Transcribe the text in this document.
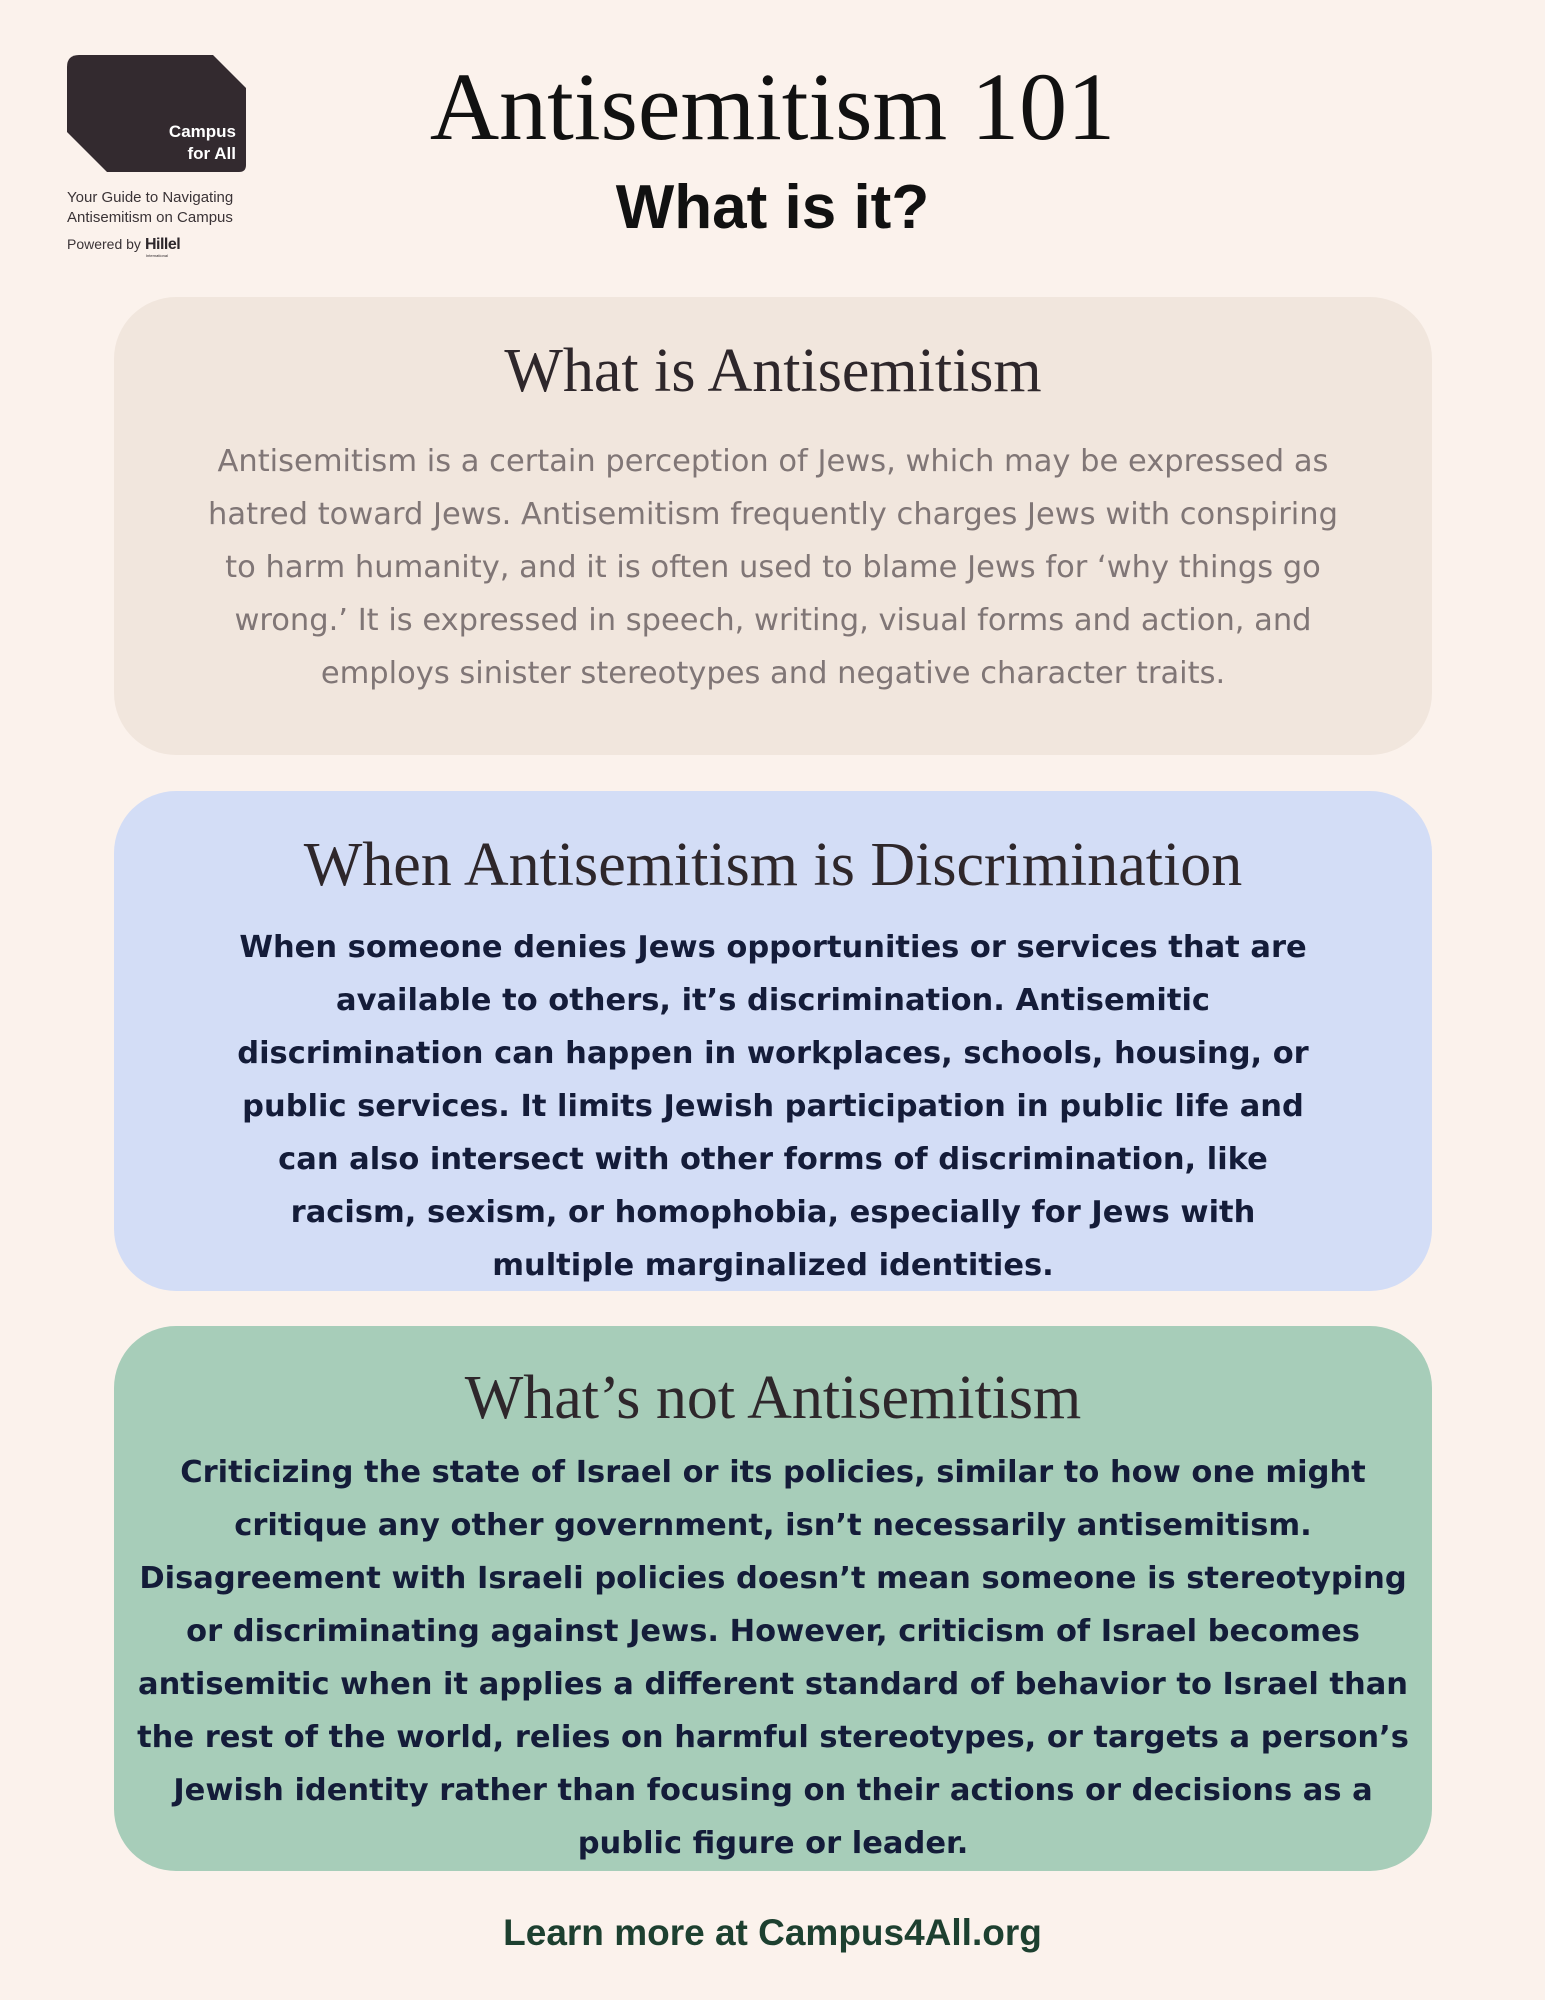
Campus
for All
Your Guide to Navigating
Antisemitism on Campus
Powered by Hillel
International
Antisemitism 101
What is it?
What is Antisemitism

Antisemitism is a certain perception of Jews, which may be expressed as hatred toward Jews. Antisemitism frequently charges Jews with conspiring to harm humanity, and it is often used to blame Jews for ‘why things go wrong.’ It is expressed in speech, writing, visual forms and action, and employs sinister stereotypes and negative character traits.

When Antisemitism is Discrimination

When someone denies Jews opportunities or services that are available to others, it’s discrimination. Antisemitic discrimination can happen in workplaces, schools, housing, or public services. It limits Jewish participation in public life and can also intersect with other forms of discrimination, like racism, sexism, or homophobia, especially for Jews with multiple marginalized identities.

What’s not Antisemitism

Criticizing the state of Israel or its policies, similar to how one might critique any other government, isn’t necessarily antisemitism. Disagreement with Israeli policies doesn’t mean someone is stereotyping or discriminating against Jews. However, criticism of Israel becomes antisemitic when it applies a different standard of behavior to Israel than the rest of the world, relies on harmful stereotypes, or targets a person’s Jewish identity rather than focusing on their actions or decisions as a public figure or leader.

Learn more at Campus4All.org
